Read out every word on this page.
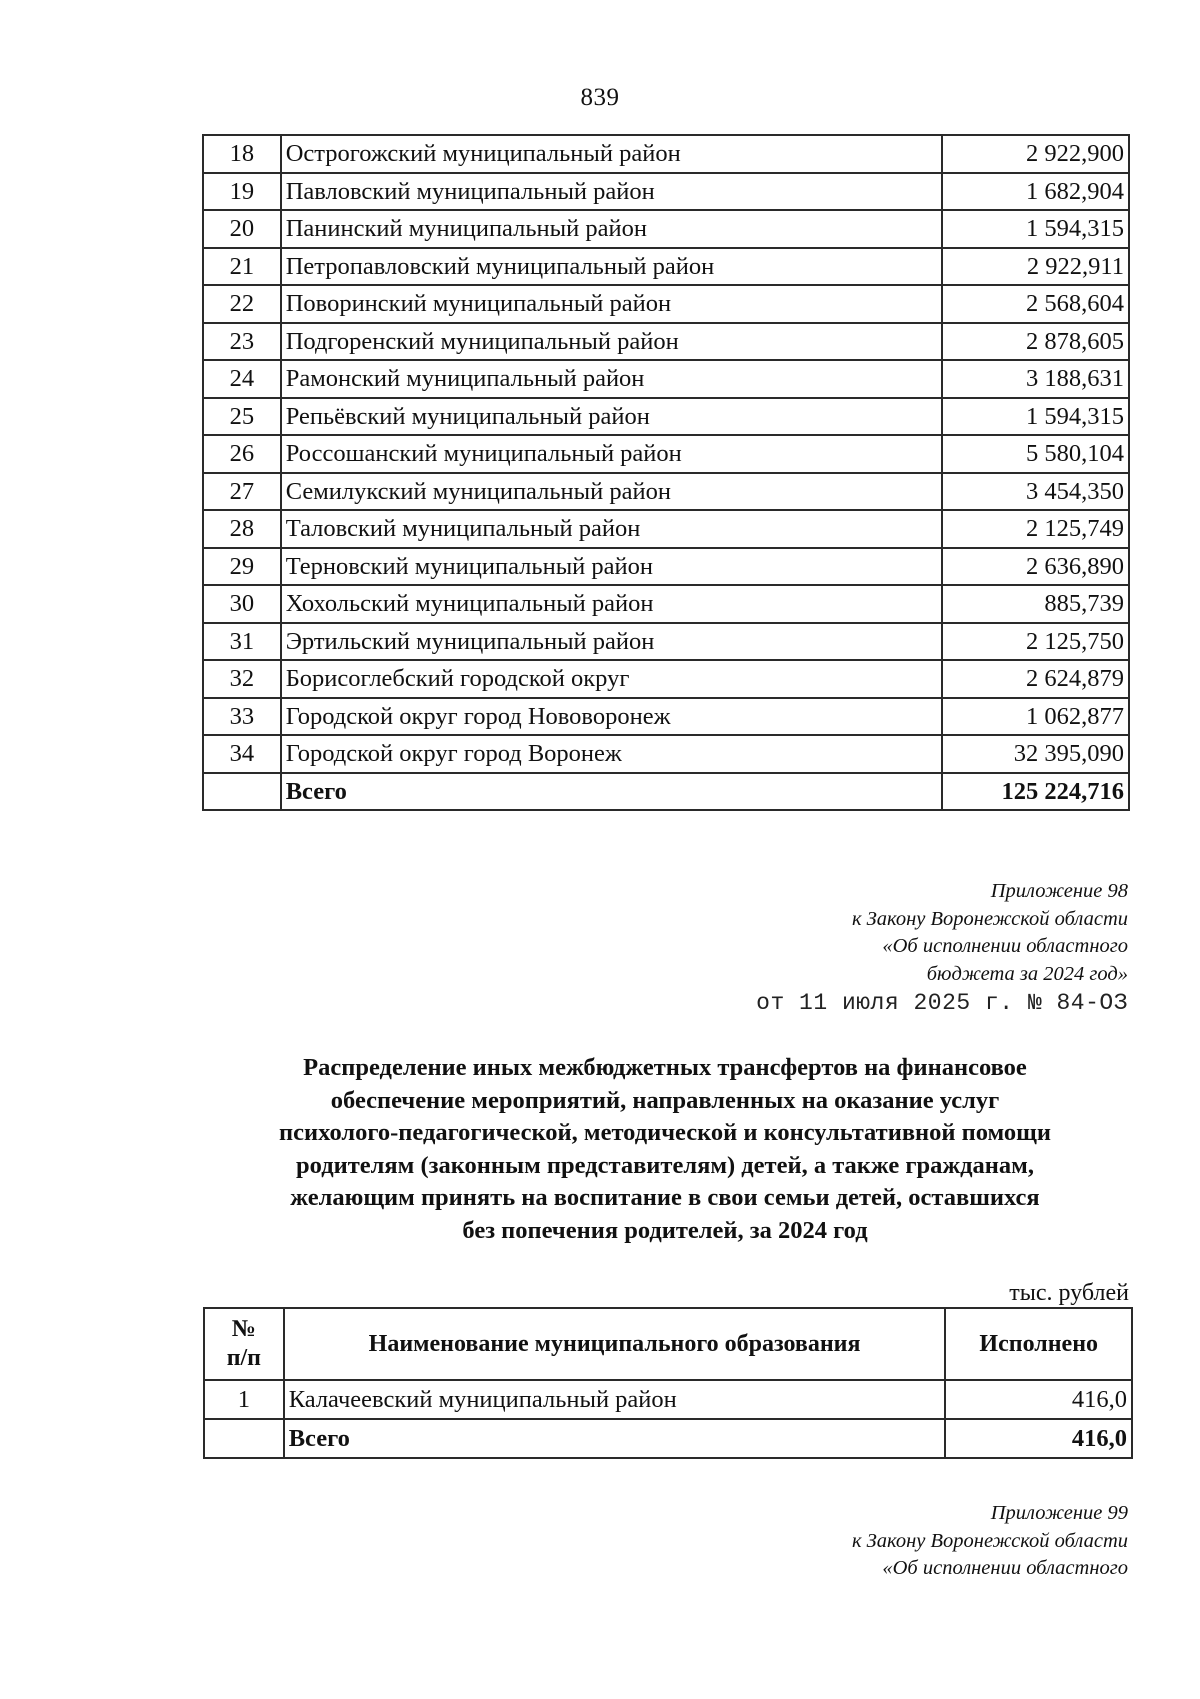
839
18	Острогожский муниципальный район	2 922,900
19	Павловский муниципальный район	1 682,904
20	Панинский муниципальный район	1 594,315
21	Петропавловский муниципальный район	2 922,911
22	Поворинский муниципальный район	2 568,604
23	Подгоренский муниципальный район	2 878,605
24	Рамонский муниципальный район	3 188,631
25	Репьёвский муниципальный район	1 594,315
26	Россошанский муниципальный район	5 580,104
27	Семилукский муниципальный район	3 454,350
28	Таловский муниципальный район	2 125,749
29	Терновский муниципальный район	2 636,890
30	Хохольский муниципальный район	885,739
31	Эртильский муниципальный район	2 125,750
32	Борисоглебский городской округ	2 624,879
33	Городской округ город Нововоронеж	1 062,877
34	Городской округ город Воронеж	32 395,090
	Всего	125 224,716
Приложение 98
к Закону Воронежской области
«Об исполнении областного
бюджета за 2024 год»
от 11 июля 2025 г. № 84-ОЗ
Распределение иных межбюджетных трансфертов на финансовое
обеспечение мероприятий, направленных на оказание услуг
психолого-педагогической, методической и консультативной помощи
родителям (законным представителям) детей, а также гражданам,
желающим принять на воспитание в свои семьи детей, оставшихся
без попечения родителей, за 2024 год
тыс. рублей
№
п/п	Наименование муниципального образования	Исполнено
1	Калачеевский муниципальный район	416,0
	Всего	416,0
Приложение 99
к Закону Воронежской области
«Об исполнении областного
